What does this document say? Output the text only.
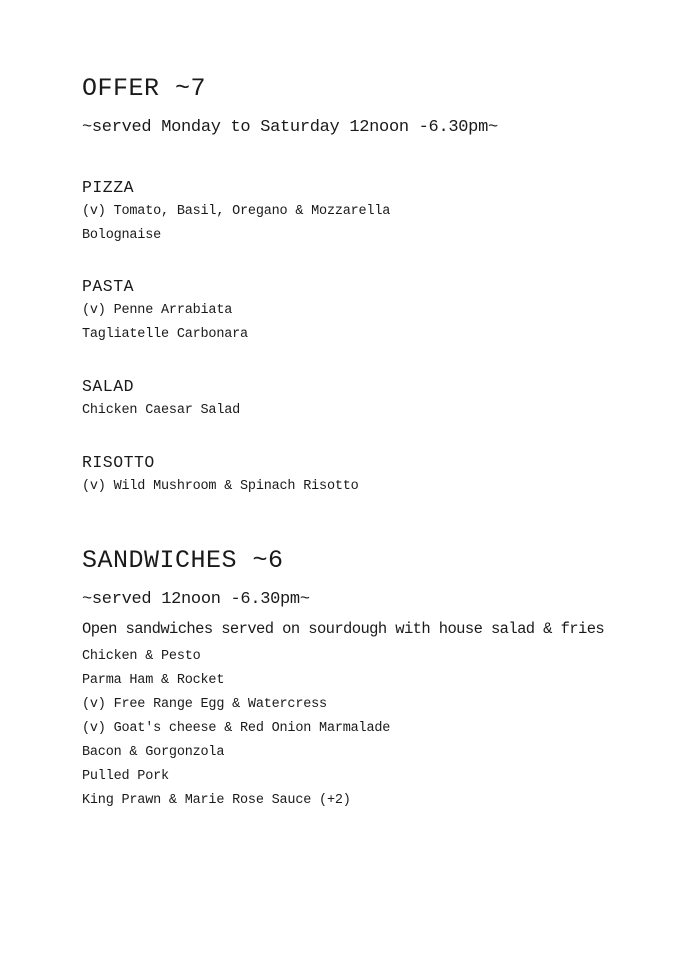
OFFER ~7
~served Monday to Saturday 12noon -6.30pm~
PIZZA
(v) Tomato, Basil, Oregano & Mozzarella
Bolognaise
PASTA
(v) Penne Arrabiata
Tagliatelle Carbonara
SALAD
Chicken Caesar Salad
RISOTTO
(v) Wild Mushroom & Spinach Risotto
SANDWICHES ~6
~served 12noon -6.30pm~
Open sandwiches served on sourdough with house salad & fries
Chicken & Pesto
Parma Ham & Rocket
(v) Free Range Egg & Watercress
(v) Goat's cheese & Red Onion Marmalade
Bacon & Gorgonzola
Pulled Pork
King Prawn & Marie Rose Sauce (+2)
